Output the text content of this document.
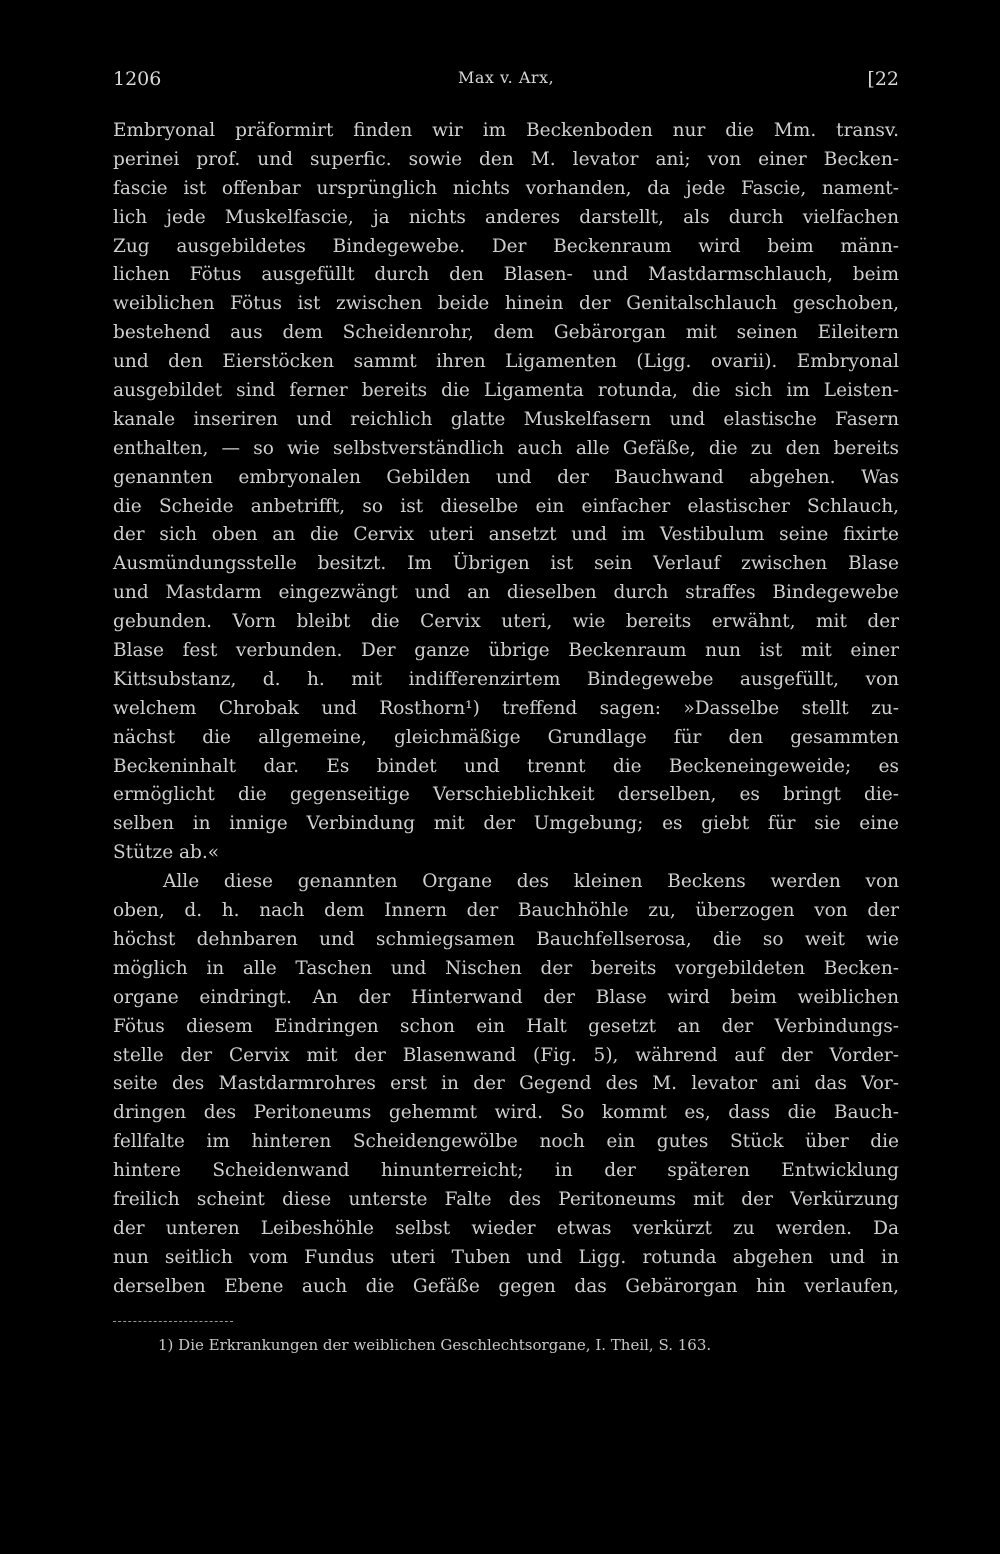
1206	Max v. Arx,	[22
Embryonal präformirt finden wir im Beckenboden nur die Mm. transv.
perinei prof. und superfic. sowie den M. levator ani; von einer Becken-
fascie ist offenbar ursprünglich nichts vorhanden, da jede Fascie, nament-
lich jede Muskelfascie, ja nichts anderes darstellt, als durch vielfachen
Zug ausgebildetes Bindegewebe. Der Beckenraum wird beim männ-
lichen Fötus ausgefüllt durch den Blasen- und Mastdarmschlauch, beim
weiblichen Fötus ist zwischen beide hinein der Genitalschlauch geschoben,
bestehend aus dem Scheidenrohr, dem Gebärorgan mit seinen Eileitern
und den Eierstöcken sammt ihren Ligamenten (Ligg. ovarii). Embryonal
ausgebildet sind ferner bereits die Ligamenta rotunda, die sich im Leisten-
kanale inseriren und reichlich glatte Muskelfasern und elastische Fasern
enthalten, — so wie selbstverständlich auch alle Gefäße, die zu den bereits
genannten embryonalen Gebilden und der Bauchwand abgehen. Was
die Scheide anbetrifft, so ist dieselbe ein einfacher elastischer Schlauch,
der sich oben an die Cervix uteri ansetzt und im Vestibulum seine fixirte
Ausmündungsstelle besitzt. Im Übrigen ist sein Verlauf zwischen Blase
und Mastdarm eingezwängt und an dieselben durch straffes Bindegewebe
gebunden. Vorn bleibt die Cervix uteri, wie bereits erwähnt, mit der
Blase fest verbunden. Der ganze übrige Beckenraum nun ist mit einer
Kittsubstanz, d. h. mit indifferenzirtem Bindegewebe ausgefüllt, von
welchem Chrobak und Rosthorn¹) treffend sagen: »Dasselbe stellt zu-
nächst die allgemeine, gleichmäßige Grundlage für den gesammten
Beckeninhalt dar. Es bindet und trennt die Beckeneingeweide; es
ermöglicht die gegenseitige Verschieblichkeit derselben, es bringt die-
selben in innige Verbindung mit der Umgebung; es giebt für sie eine
Stütze ab.«
Alle diese genannten Organe des kleinen Beckens werden von
oben, d. h. nach dem Innern der Bauchhöhle zu, überzogen von der
höchst dehnbaren und schmiegsamen Bauchfellserosa, die so weit wie
möglich in alle Taschen und Nischen der bereits vorgebildeten Becken-
organe eindringt. An der Hinterwand der Blase wird beim weiblichen
Fötus diesem Eindringen schon ein Halt gesetzt an der Verbindungs-
stelle der Cervix mit der Blasenwand (Fig. 5), während auf der Vorder-
seite des Mastdarmrohres erst in der Gegend des M. levator ani das Vor-
dringen des Peritoneums gehemmt wird. So kommt es, dass die Bauch-
fellfalte im hinteren Scheidengewölbe noch ein gutes Stück über die
hintere Scheidenwand hinunterreicht; in der späteren Entwicklung
freilich scheint diese unterste Falte des Peritoneums mit der Verkürzung
der unteren Leibeshöhle selbst wieder etwas verkürzt zu werden. Da
nun seitlich vom Fundus uteri Tuben und Ligg. rotunda abgehen und in
derselben Ebene auch die Gefäße gegen das Gebärorgan hin verlaufen,
1) Die Erkrankungen der weiblichen Geschlechtsorgane, I. Theil, S. 163.
